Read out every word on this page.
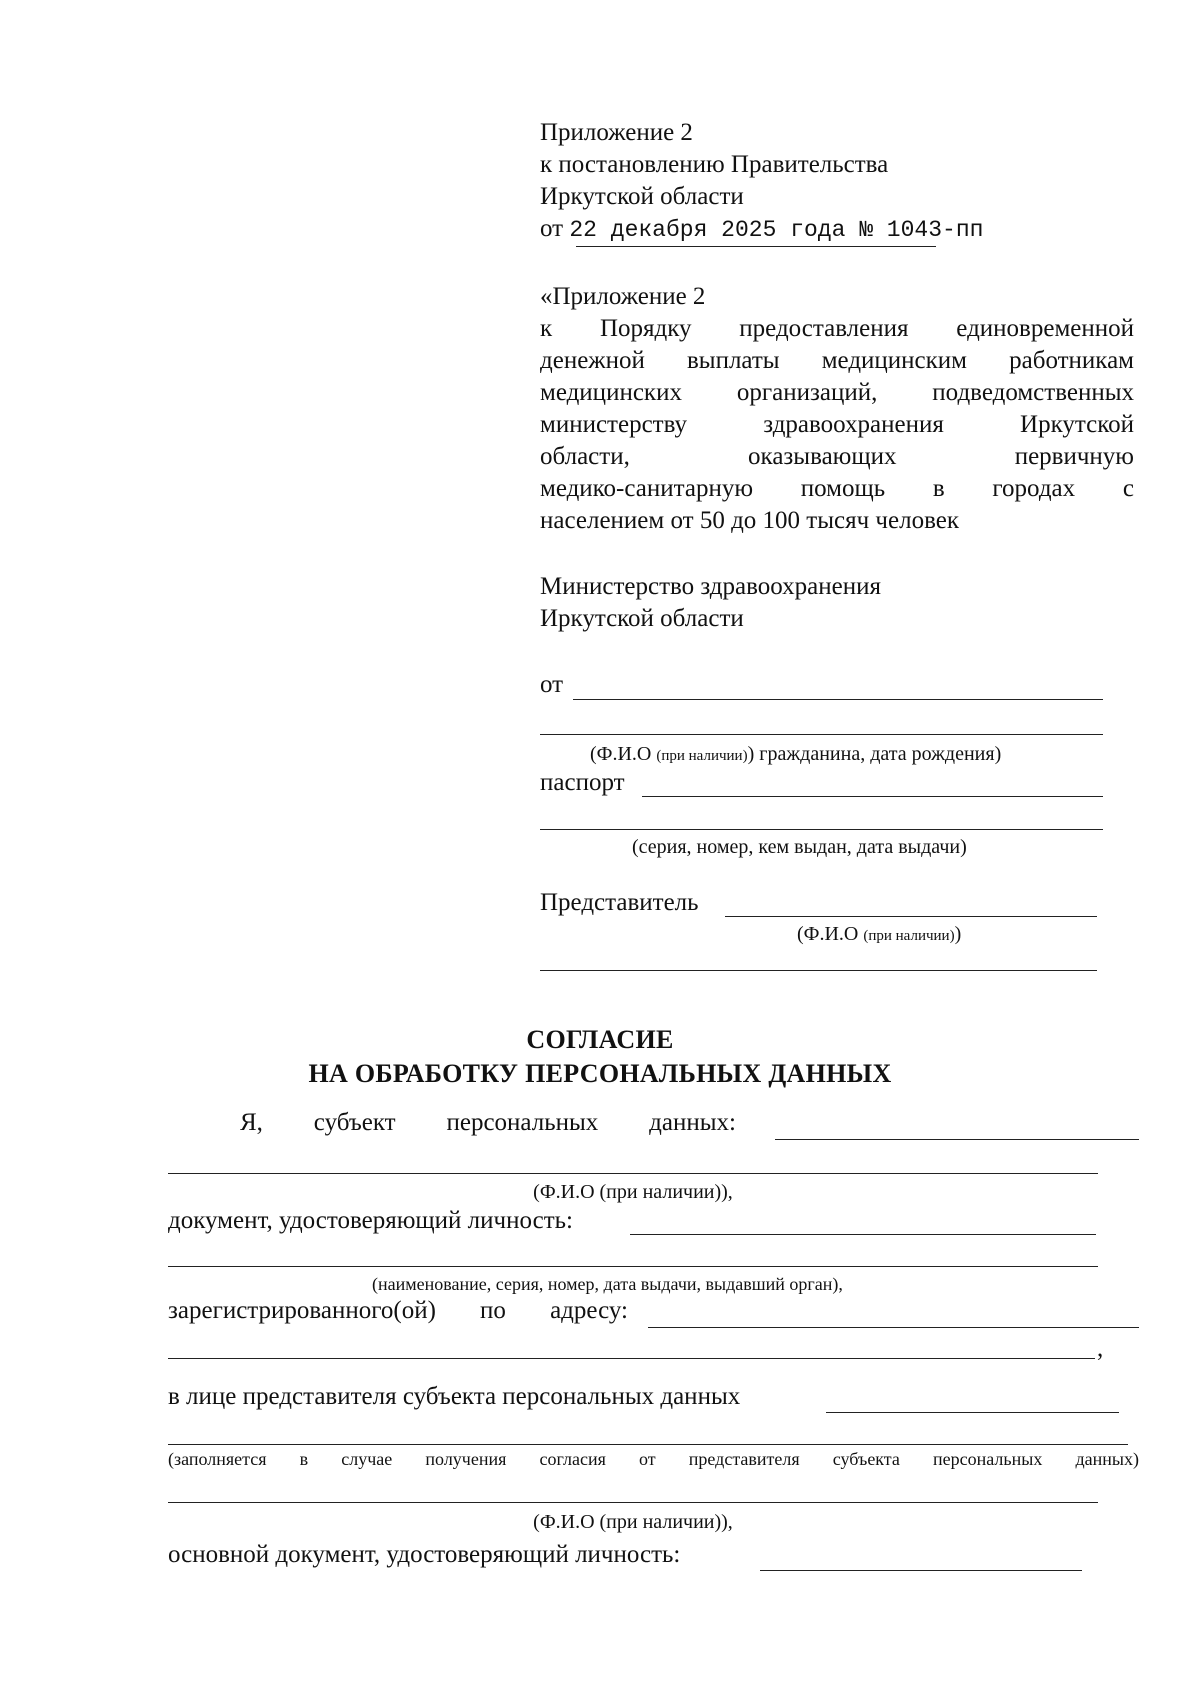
Приложение 2
к постановлению Правительства
Иркутской области
от 22 декабря 2025 года № 1043-пп
«Приложение 2
к Порядку предоставления единовременной
денежной выплаты медицинским работникам
медицинских организаций, подведомственных
министерству здравоохранения Иркутской
области, оказывающих первичную
медико-санитарную помощь в городах с
населением от 50 до 100 тысяч человек
Министерство здравоохранения
Иркутской области
от
(Ф.И.О (при наличии)) гражданина, дата рождения)
паспорт
(серия, номер, кем выдан, дата выдачи)
Представитель
(Ф.И.О (при наличии))
СОГЛАСИЕ
НА ОБРАБОТКУ ПЕРСОНАЛЬНЫХ ДАННЫХ
Я, субъект персональных данных:
(Ф.И.О (при наличии)),
документ, удостоверяющий личность:
(наименование, серия, номер, дата выдачи, выдавший орган),
зарегистрированного(ой) по адресу:
,
в лице представителя субъекта персональных данных
(заполняется в случае получения согласия от представителя субъекта персональных данных)
(Ф.И.О (при наличии)),
основной документ, удостоверяющий личность:
